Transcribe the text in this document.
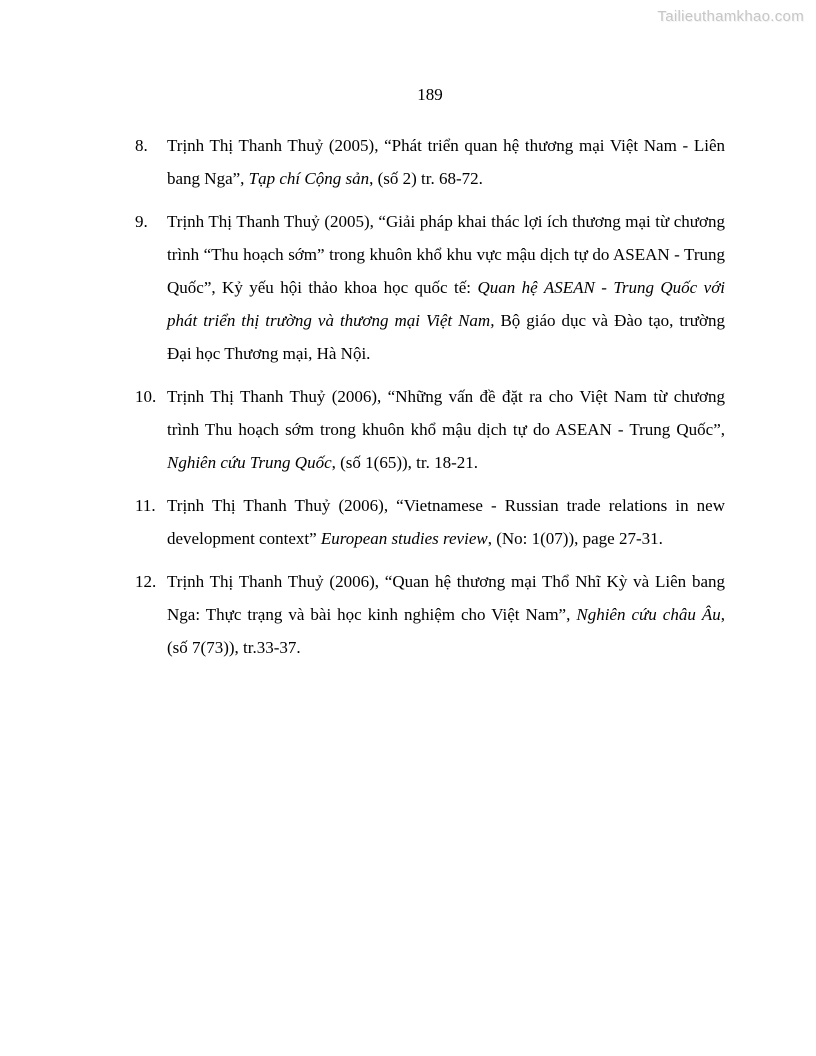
Tailieuthamkhao.com

189

8. Trịnh Thị Thanh Thuỷ (2005), “Phát triển quan hệ thương mại Việt Nam - Liên bang Nga”, Tạp chí Cộng sản, (số 2) tr. 68-72.

9. Trịnh Thị Thanh Thuỷ (2005), “Giải pháp khai thác lợi ích thương mại từ chương trình “Thu hoạch sớm” trong khuôn khổ khu vực mậu dịch tự do ASEAN - Trung Quốc”, Kỷ yếu hội thảo khoa học quốc tế: Quan hệ ASEAN - Trung Quốc với phát triển thị trường và thương mại Việt Nam, Bộ giáo dục và Đào tạo, trường Đại học Thương mại, Hà Nội.

10. Trịnh Thị Thanh Thuỷ (2006), “Những vấn đề đặt ra cho Việt Nam từ chương trình Thu hoạch sớm trong khuôn khổ mậu dịch tự do ASEAN - Trung Quốc”, Nghiên cứu Trung Quốc, (số 1(65)), tr. 18-21.

11. Trịnh Thị Thanh Thuỷ (2006), “Vietnamese - Russian trade relations in new development context” European studies review, (No: 1(07)), page 27-31.

12. Trịnh Thị Thanh Thuỷ (2006), “Quan hệ thương mại Thổ Nhĩ Kỳ và Liên bang Nga: Thực trạng và bài học kinh nghiệm cho Việt Nam”, Nghiên cứu châu Âu, (số 7(73)), tr.33-37.
